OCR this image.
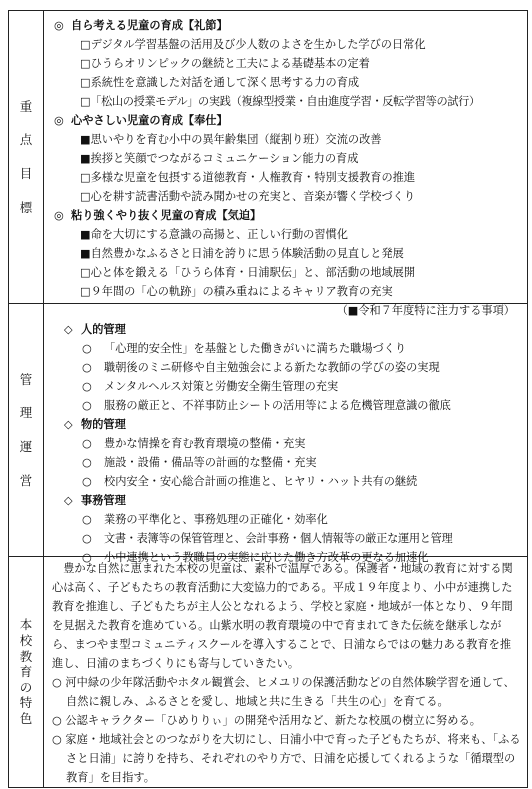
重
点
目
標
◎ 自ら考える児童の育成【礼節】
□デジタル学習基盤の活用及び少人数のよさを生かした学びの日常化
□ひうらオリンピックの継続と工夫による基礎基本の定着
□系統性を意識した対話を通して深く思考する力の育成
□「松山の授業モデル」の実践（複線型授業・自由進度学習・反転学習等の試行）
◎ 心やさしい児童の育成【奉仕】
■思いやりを育む小中の異年齢集団（縦割り班）交流の改善
■挨拶と笑顔でつながるコミュニケーション能力の育成
□多様な児童を包摂する道徳教育・人権教育・特別支援教育の推進
□心を耕す読書活動や読み聞かせの充実と、音楽が響く学校づくり
◎ 粘り強くやり抜く児童の育成【気迫】
■命を大切にする意識の高揚と、正しい行動の習慣化
■自然豊かなふるさと日浦を誇りに思う体験活動の見直しと発展
□心と体を鍛える「ひうら体育・日浦駅伝」と、部活動の地域展開
□９年間の「心の軌跡」の積み重ねによるキャリア教育の充実
（■令和７年度特に注力する事項）
管
理
運
営
◇ 人的管理
○ 「心理的安全性」を基盤とした働きがいに満ちた職場づくり
○ 職朝後のミニ研修や自主勉強会による新たな教師の学びの姿の実現
○ メンタルヘルス対策と労働安全衛生管理の充実
○ 服務の厳正と、不祥事防止シートの活用等による危機管理意識の徹底
◇ 物的管理
○ 豊かな情操を育む教育環境の整備・充実
○ 施設・設備・備品等の計画的な整備・充実
○ 校内安全・安心総合計画の推進と、ヒヤリ・ハット共有の継続
◇ 事務管理
○ 業務の平準化と、事務処理の正確化・効率化
○ 文書・表簿等の保管管理と、会計事務・個人情報等の厳正な運用と管理
○ 小中連携という教職員の実態に応じた働き方改革の更なる加速化
本
校
教
育
の
特
色
豊かな自然に恵まれた本校の児童は、素朴で温厚である。保護者・地域の教育に対する関心は高く、子どもたちの教育活動に大変協力的である。平成１９年度より、小中が連携した教育を推進し、子どもたちが主人公となれるよう、学校と家庭・地域が一体となり、９年間を見据えた教育を進めている。山紫水明の教育環境の中で育まれてきた伝統を継承しながら、まつやま型コミュニティスクールを導入することで、日浦ならではの魅力ある教育を推進し、日浦のまちづくりにも寄与していきたい。
○ 河中緑の少年隊活動やホタル観賞会、ヒメユリの保護活動などの自然体験学習を通して、自然に親しみ、ふるさとを愛し、地域と共に生きる「共生の心」を育てる。
○ 公認キャラクター「ひめりりぃ」の開発や活用など、新たな校風の樹立に努める。
○ 家庭・地域社会とのつながりを大切にし、日浦小中で育った子どもたちが、将来も、「ふるさと日浦」に誇りを持ち、それぞれのやり方で、日浦を応援してくれるような「循環型の教育」を目指す。
